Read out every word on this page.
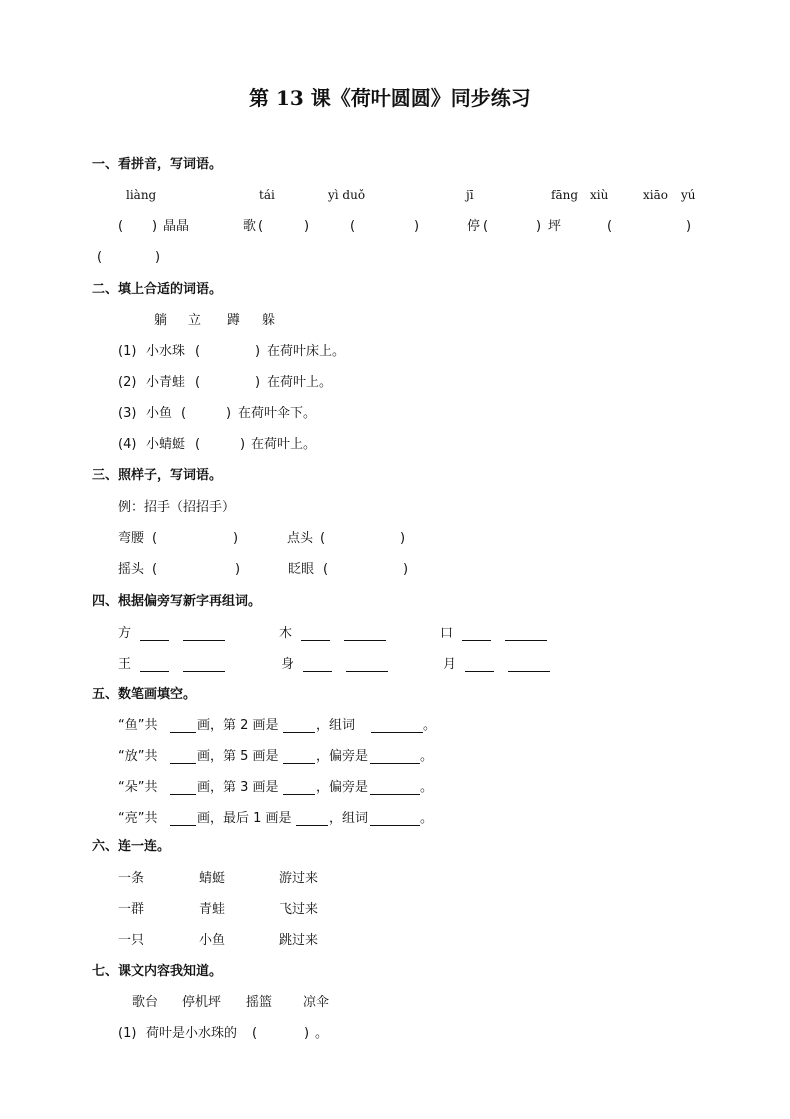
第 13 课《荷叶圆圆》同步练习
一、看拼音，写词语。
liàng	tái	yì duǒ	jī	fāng xiù	xiāo yú
( ) 晶晶	歌 (	)	(	)	停 (	) 坪	(	)
(	)
二、填上合适的词语。
躺 立 蹲 躲
(1) 小水珠 (	) 在荷叶床上。
(2) 小青蛙 (	) 在荷叶上。
(3) 小鱼 (	) 在荷叶伞下。
(4) 小蜻蜓 (	) 在荷叶上。
三、照样子，写词语。
例：招手（招招手）
弯腰 (	)	点头 (	)
摇头 (	)	眨眼 (	)
四、根据偏旁写新字再组词。
方	木	口
王	身	月
五、数笔画填空。
“鱼”共	画，第 2 画是	，组词	。
“放”共	画，第 5 画是	，偏旁是	。
“朵”共	画，第 3 画是	，偏旁是	。
“亮”共	画，最后 1 画是	，组词	。
六、连一连。
一条	蜻蜓	游过来
一群	青蛙	飞过来
一只	小鱼	跳过来
七、课文内容我知道。
歌台 停机坪 摇篮 凉伞
(1) 荷叶是小水珠的 (	) 。
